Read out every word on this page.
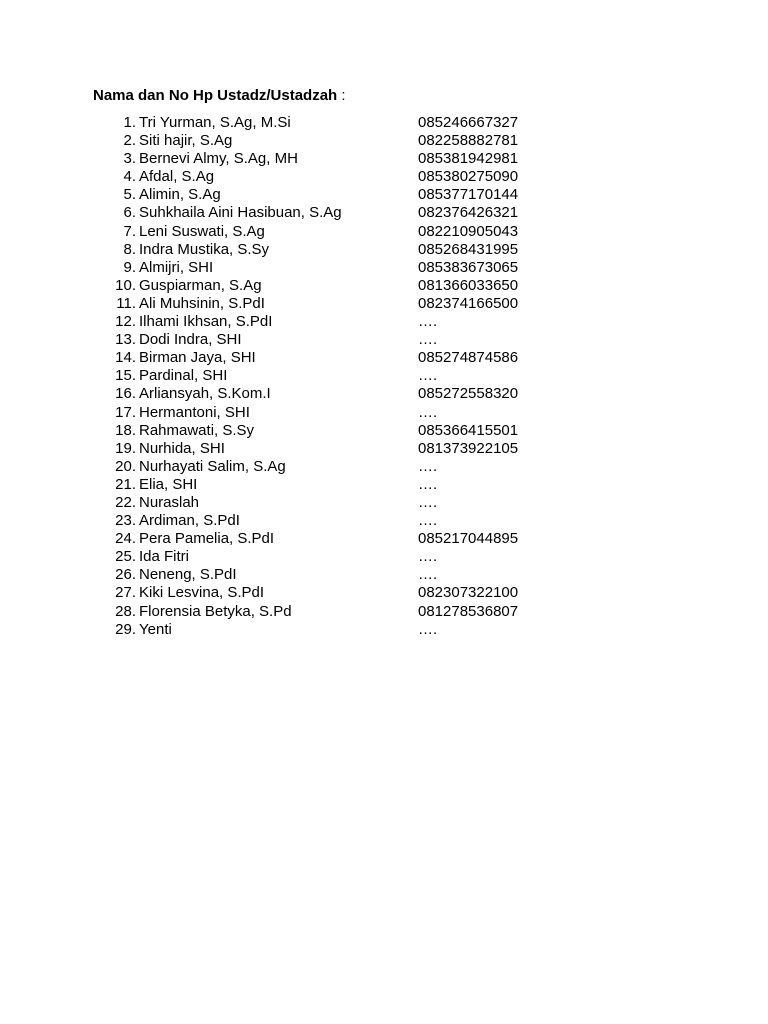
Nama dan No Hp Ustadz/Ustadzah :
1. Tri Yurman, S.Ag, M.Si	085246667327
2. Siti hajir, S.Ag	082258882781
3. Bernevi Almy, S.Ag, MH	085381942981
4. Afdal, S.Ag	085380275090
5. Alimin, S.Ag	085377170144
6. Suhkhaila Aini Hasibuan, S.Ag	082376426321
7. Leni Suswati, S.Ag	082210905043
8. Indra Mustika, S.Sy	085268431995
9. Almijri, SHI	085383673065
10. Guspiarman, S.Ag	081366033650
11. Ali Muhsinin, S.PdI	082374166500
12. Ilhami Ikhsan, S.PdI	….
13. Dodi Indra, SHI	….
14. Birman Jaya, SHI	085274874586
15. Pardinal, SHI	….
16. Arliansyah, S.Kom.I	085272558320
17. Hermantoni, SHI	….
18. Rahmawati, S.Sy	085366415501
19. Nurhida, SHI	081373922105
20. Nurhayati Salim, S.Ag	….
21. Elia, SHI	….
22. Nuraslah	….
23. Ardiman, S.PdI	….
24. Pera Pamelia, S.PdI	085217044895
25. Ida Fitri	….
26. Neneng, S.PdI	….
27. Kiki Lesvina, S.PdI	082307322100
28. Florensia Betyka, S.Pd	081278536807
29. Yenti	….
